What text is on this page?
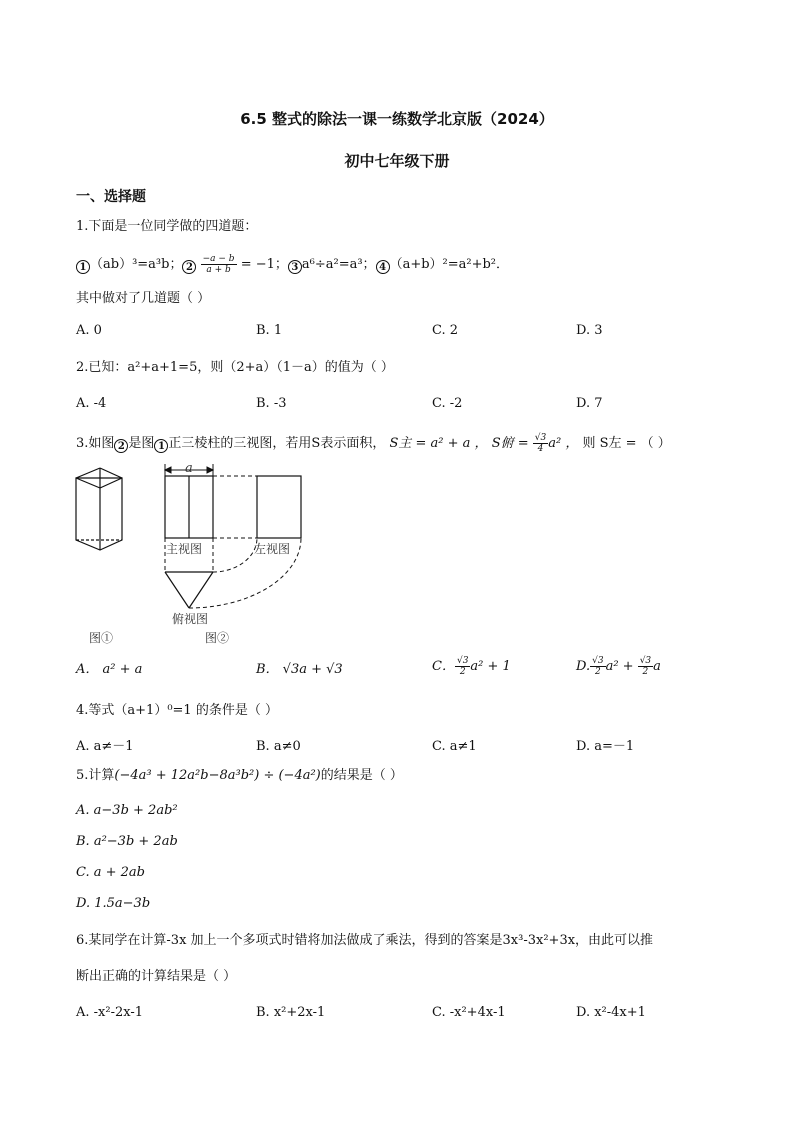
6.5 整式的除法一课一练数学北京版（2024）
初中七年级下册
一、选择题
1.下面是一位同学做的四道题：
1 （ab）³=a³b； $2 \frac{-a - b}{a + b} = -1$； 3 a⁶÷a²=a³； 4 （a+b）²=a²+b²．
其中做对了几道题（ ）
A. 0	B. 1	C. 2	D. 3
2.已知：a²+a+1=5，则（2+a）（1－a）的值为（ ）
A. -4	B. -3	C. -2	D. 7
3.如图 2 是图 1 正三棱柱的三视图，若用S表示面积， S主 = a² + a ， S俯 = $\frac{√3}{4} a^2$ ， 则 S左 = （ ）
a
主视图	左视图
俯视图
图①	图②
A． a² + a	B． √3a + √3	C． $\frac{√3}{2} a^2 + 1$	D. $\frac{√3}{2} a^2 + \frac{√3}{2}$ a
4.等式（a+1）⁰=1 的条件是（ ）
A. a≠－1	B. a≠0	C. a≠1	D. a=－1
5.计算(−4a³ + 12a²b−8a³b²) ÷ (−4a²)的结果是（ ）
A. a−3b + 2ab²
B. a²−3b + 2ab
C. a + 2ab
D. 1.5a−3b
6.某同学在计算-3x 加上一个多项式时错将加法做成了乘法，得到的答案是3x³-3x²+3x，由此可以推
断出正确的计算结果是（ ）
A. -x²-2x-1	B. x²+2x-1	C. -x²+4x-1	D. x²-4x+1
